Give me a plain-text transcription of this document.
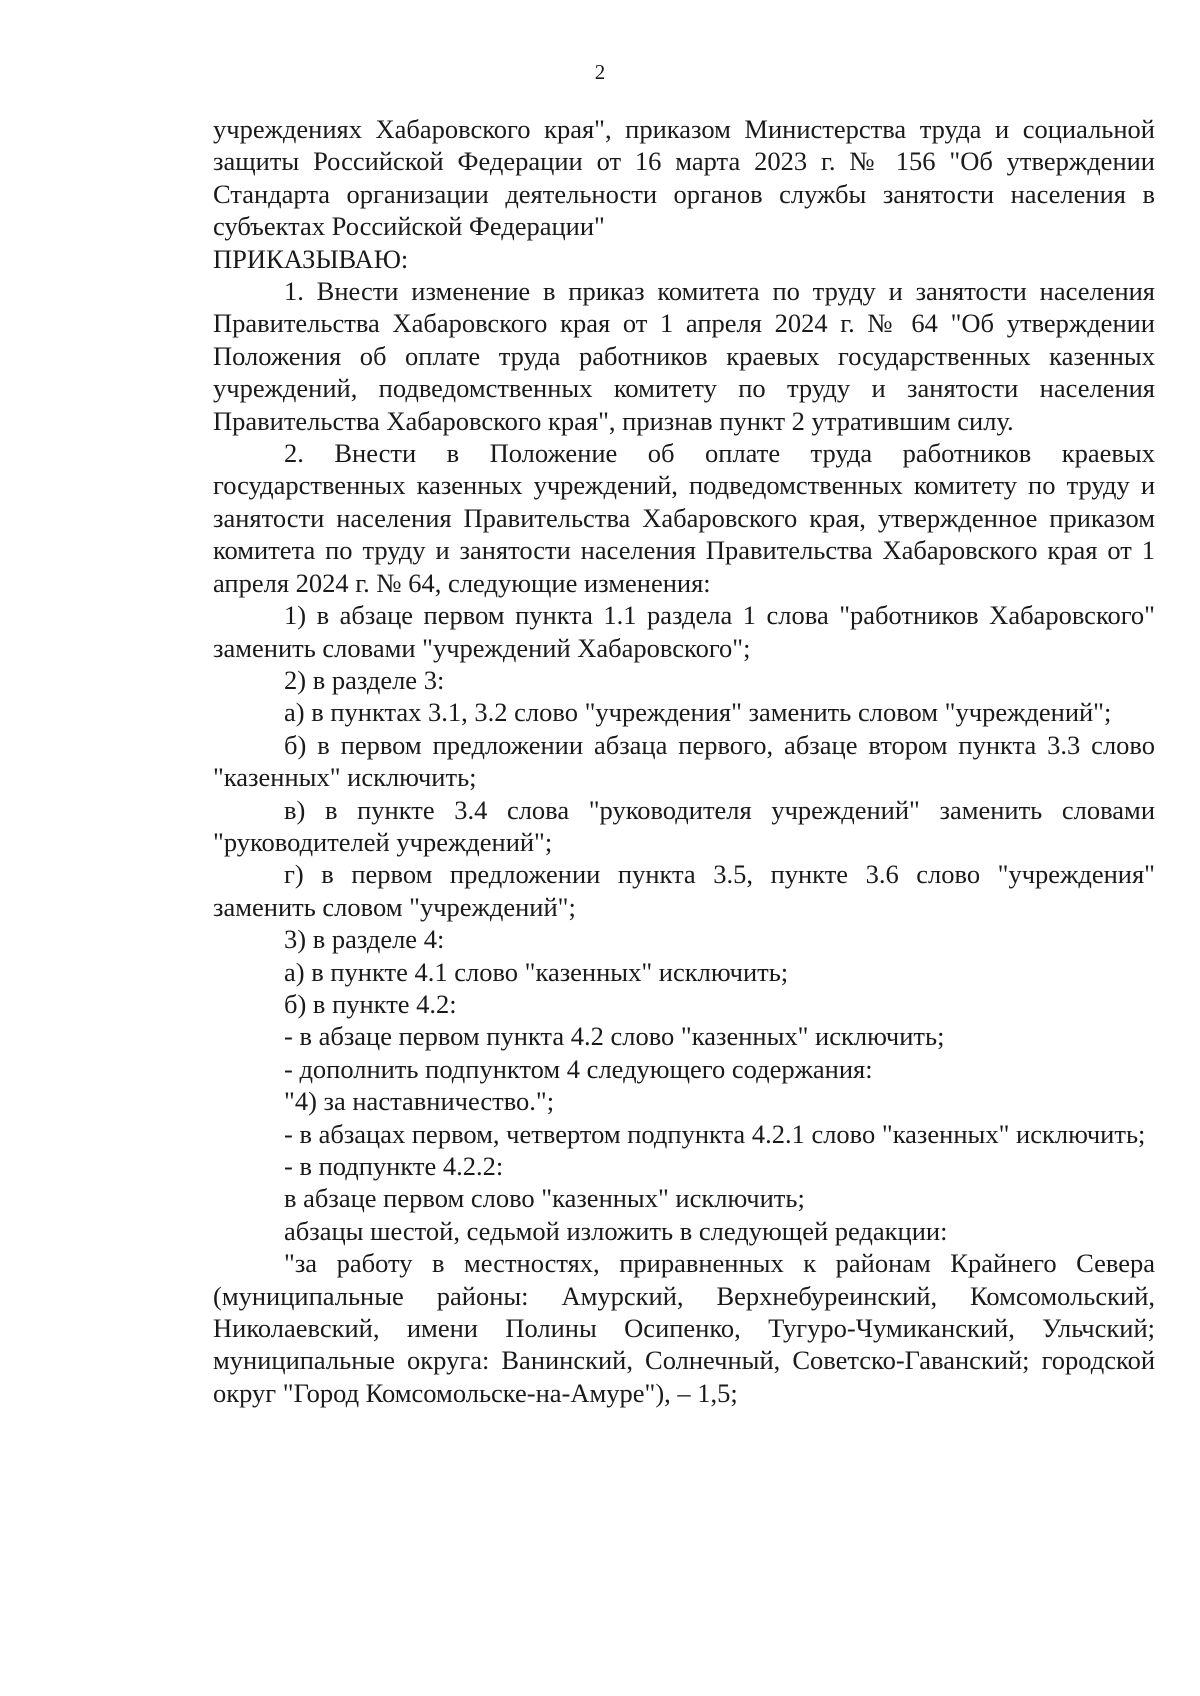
2

учреждениях Хабаровского края", приказом Министерства труда и социальной защиты Российской Федерации от 16 марта 2023 г. № 156 "Об утверждении Стандарта организации деятельности органов службы занятости населения в субъектах Российской Федерации"

ПРИКАЗЫВАЮ:

1. Внести изменение в приказ комитета по труду и занятости населения Правительства Хабаровского края от 1 апреля 2024 г. № 64 "Об утверждении Положения об оплате труда работников краевых государственных казенных учреждений, подведомственных комитету по труду и занятости населения Правительства Хабаровского края", признав пункт 2 утратившим силу.

2. Внести в Положение об оплате труда работников краевых государственных казенных учреждений, подведомственных комитету по труду и занятости населения Правительства Хабаровского края, утвержденное приказом комитета по труду и занятости населения Правительства Хабаровского края от 1 апреля 2024 г. № 64, следующие изменения:

1) в абзаце первом пункта 1.1 раздела 1 слова "работников Хабаровского" заменить словами "учреждений Хабаровского";

2) в разделе 3:

а) в пунктах 3.1, 3.2 слово "учреждения" заменить словом "учреждений";

б) в первом предложении абзаца первого, абзаце втором пункта 3.3 слово "казенных" исключить;

в) в пункте 3.4 слова "руководителя учреждений" заменить словами "руководителей учреждений";

г) в первом предложении пункта 3.5, пункте 3.6 слово "учреждения" заменить словом "учреждений";

3) в разделе 4:

а) в пункте 4.1 слово "казенных" исключить;

б) в пункте 4.2:

- в абзаце первом пункта 4.2 слово "казенных" исключить;

- дополнить подпунктом 4 следующего содержания:

"4) за наставничество.";

- в абзацах первом, четвертом подпункта 4.2.1 слово "казенных" исключить;

- в подпункте 4.2.2:

в абзаце первом слово "казенных" исключить;

абзацы шестой, седьмой изложить в следующей редакции:

"за работу в местностях, приравненных к районам Крайнего Севера (муниципальные районы: Амурский, Верхнебуреинский, Комсомольский, Николаевский, имени Полины Осипенко, Тугуро-Чумиканский, Ульчский; муниципальные округа: Ванинский, Солнечный, Советско-Гаванский; городской округ "Город Комсомольске-на-Амуре"), – 1,5;
